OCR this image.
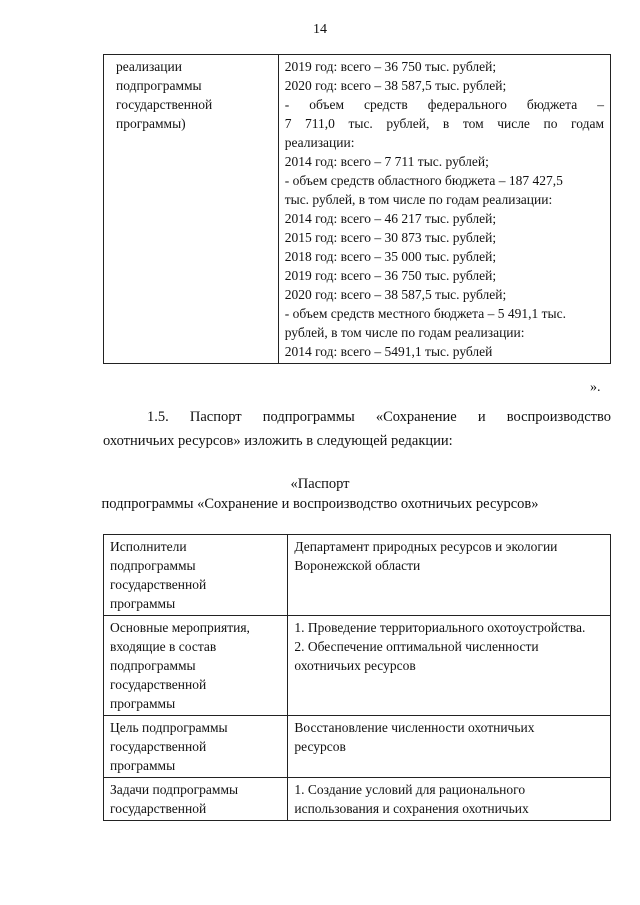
14
реализации
подпрограммы
государственной
программы)

2019 год: всего – 36 750 тыс. рублей;
2020 год: всего – 38 587,5 тыс. рублей;
- объем средств федерального бюджета –
7 711,0 тыс. рублей, в том числе по годам
реализации:
2014 год: всего – 7 711 тыс. рублей;
- объем средств областного бюджета – 187 427,5
тыс. рублей, в том числе по годам реализации:
2014 год: всего – 46 217 тыс. рублей;
2015 год: всего – 30 873 тыс. рублей;
2018 год: всего – 35 000 тыс. рублей;
2019 год: всего – 36 750 тыс. рублей;
2020 год: всего – 38 587,5 тыс. рублей;
- объем средств местного бюджета – 5 491,1 тыс.
рублей, в том числе по годам реализации:
2014 год: всего – 5491,1 тыс. рублей
».
1.5. Паспорт подпрограммы «Сохранение и воспроизводство
охотничьих ресурсов» изложить в следующей редакции:
«Паспорт
подпрограммы «Сохранение и воспроизводство охотничьих ресурсов»
Исполнители
подпрограммы
государственной
программы	Департамент природных ресурсов и экологии
Воронежской области

Основные мероприятия,
входящие в состав
подпрограммы
государственной
программы	1. Проведение территориального охотоустройства.
2. Обеспечение оптимальной численности
охотничьих ресурсов

Цель подпрограммы
государственной
программы	Восстановление численности охотничьих
ресурсов

Задачи подпрограммы
государственной	1. Создание условий для рационального
использования и сохранения охотничьих
